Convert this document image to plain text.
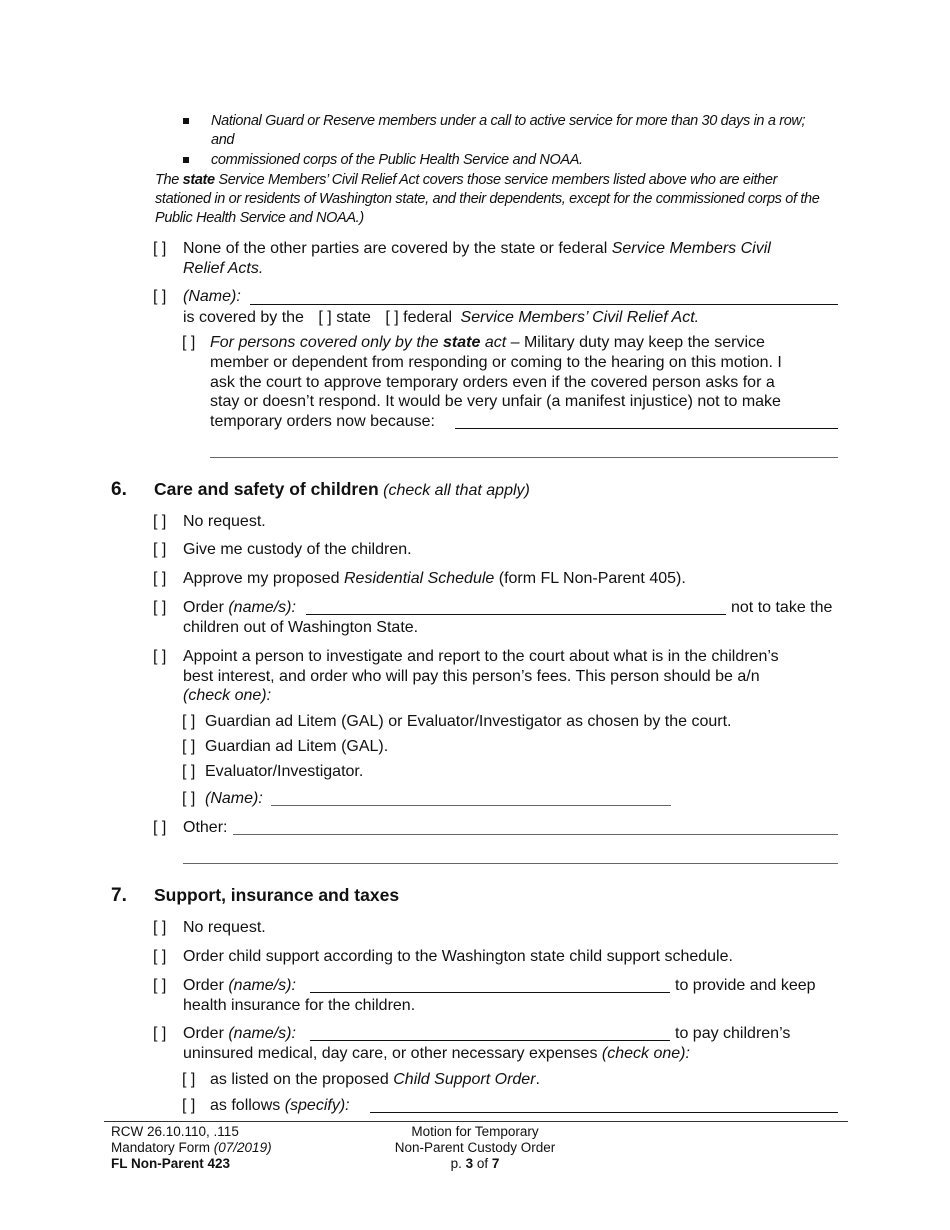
National Guard or Reserve members under a call to active service for more than 30 days in a row;
and
commissioned corps of the Public Health Service and NOAA.
The state Service Members’ Civil Relief Act covers those service members listed above who are either
stationed in or residents of Washington state, and their dependents, except for the commissioned corps of the
Public Health Service and NOAA.)
[ ] None of the other parties are covered by the state or federal Service Members Civil
Relief Acts.
[ ] (Name):
is covered by the [ ] state [ ] federal Service Members’ Civil Relief Act.
[ ] For persons covered only by the state act – Military duty may keep the service
member or dependent from responding or coming to the hearing on this motion. I
ask the court to approve temporary orders even if the covered person asks for a
stay or doesn’t respond. It would be very unfair (a manifest injustice) not to make
temporary orders now because:
6. Care and safety of children (check all that apply)
[ ] No request.
[ ] Give me custody of the children.
[ ] Approve my proposed Residential Schedule (form FL Non-Parent 405).
[ ] Order (name/s):	not to take the
children out of Washington State.
[ ] Appoint a person to investigate and report to the court about what is in the children’s
best interest, and order who will pay this person’s fees. This person should be a/n
(check one):
[ ] Guardian ad Litem (GAL) or Evaluator/Investigator as chosen by the court.
[ ] Guardian ad Litem (GAL).
[ ] Evaluator/Investigator.
[ ] (Name):
[ ] Other:
7. Support, insurance and taxes
[ ] No request.
[ ] Order child support according to the Washington state child support schedule.
[ ] Order (name/s):	to provide and keep
health insurance for the children.
[ ] Order (name/s):	to pay children’s
uninsured medical, day care, or other necessary expenses (check one):
[ ] as listed on the proposed Child Support Order.
[ ] as follows (specify):
RCW 26.10.110, .115
Mandatory Form (07/2019)
FL Non-Parent 423
Motion for Temporary
Non-Parent Custody Order
p. 3 of 7
